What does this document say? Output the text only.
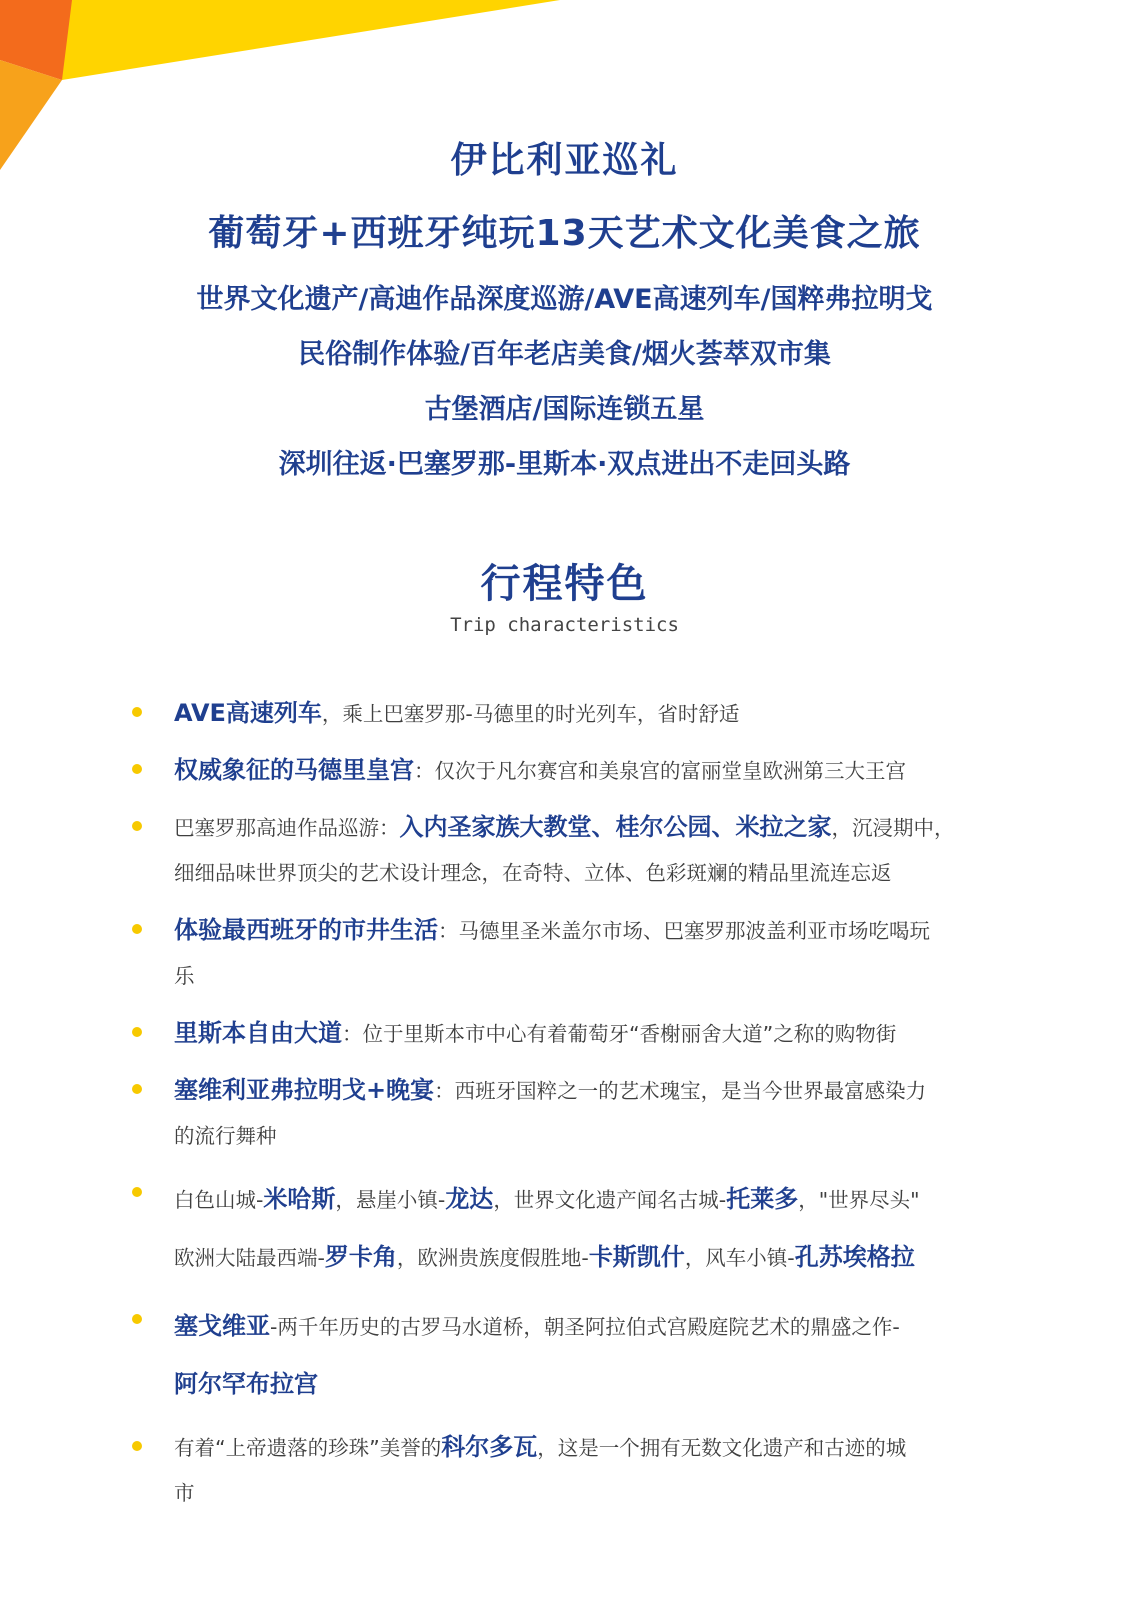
伊比利亚巡礼
葡萄牙+西班牙纯玩13天艺术文化美食之旅
世界文化遗产/高迪作品深度巡游/AVE高速列车/国粹弗拉明戈
民俗制作体验/百年老店美食/烟火荟萃双市集
古堡酒店/国际连锁五星
深圳往返·巴塞罗那-里斯本·双点进出不走回头路
行程特色
Trip characteristics
AVE高速列车，乘上巴塞罗那-马德里的时光列车，省时舒适
权威象征的马德里皇宫：仅次于凡尔赛宫和美泉宫的富丽堂皇欧洲第三大王宫
巴塞罗那高迪作品巡游：入内圣家族大教堂、桂尔公园、米拉之家，沉浸期中，
细细品味世界顶尖的艺术设计理念，在奇特、立体、色彩斑斓的精品里流连忘返
体验最西班牙的市井生活：马德里圣米盖尔市场、巴塞罗那波盖利亚市场吃喝玩
乐
里斯本自由大道：位于里斯本市中心有着葡萄牙“香榭丽舍大道”之称的购物街
塞维利亚弗拉明戈+晚宴：西班牙国粹之一的艺术瑰宝，是当今世界最富感染力
的流行舞种
白色山城-米哈斯，悬崖小镇-龙达，世界文化遗产闻名古城-托莱多，"世界尽头"
欧洲大陆最西端-罗卡角，欧洲贵族度假胜地-卡斯凯什，风车小镇-孔苏埃格拉
塞戈维亚-两千年历史的古罗马水道桥，朝圣阿拉伯式宫殿庭院艺术的鼎盛之作-
阿尔罕布拉宫
有着“上帝遗落的珍珠”美誉的科尔多瓦，这是一个拥有无数文化遗产和古迹的城
市
